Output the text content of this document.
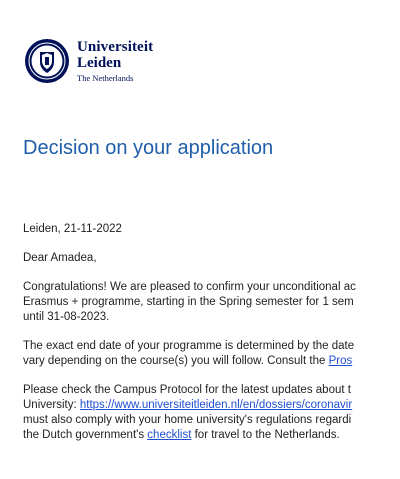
Universiteit
Leiden
The Netherlands
Decision on your application

Leiden, 21-11-2022

Dear Amadea,

Congratulations! We are pleased to confirm your unconditional ac
Erasmus + programme, starting in the Spring semester for 1 sem
until 31-08-2023.

The exact end date of your programme is determined by the date
vary depending on the course(s) you will follow. Consult the Pros

Please check the Campus Protocol for the latest updates about t
University: https://www.universiteitleiden.nl/en/dossiers/coronavir
must also comply with your home university's regulations regardi
the Dutch government's checklist for travel to the Netherlands.
